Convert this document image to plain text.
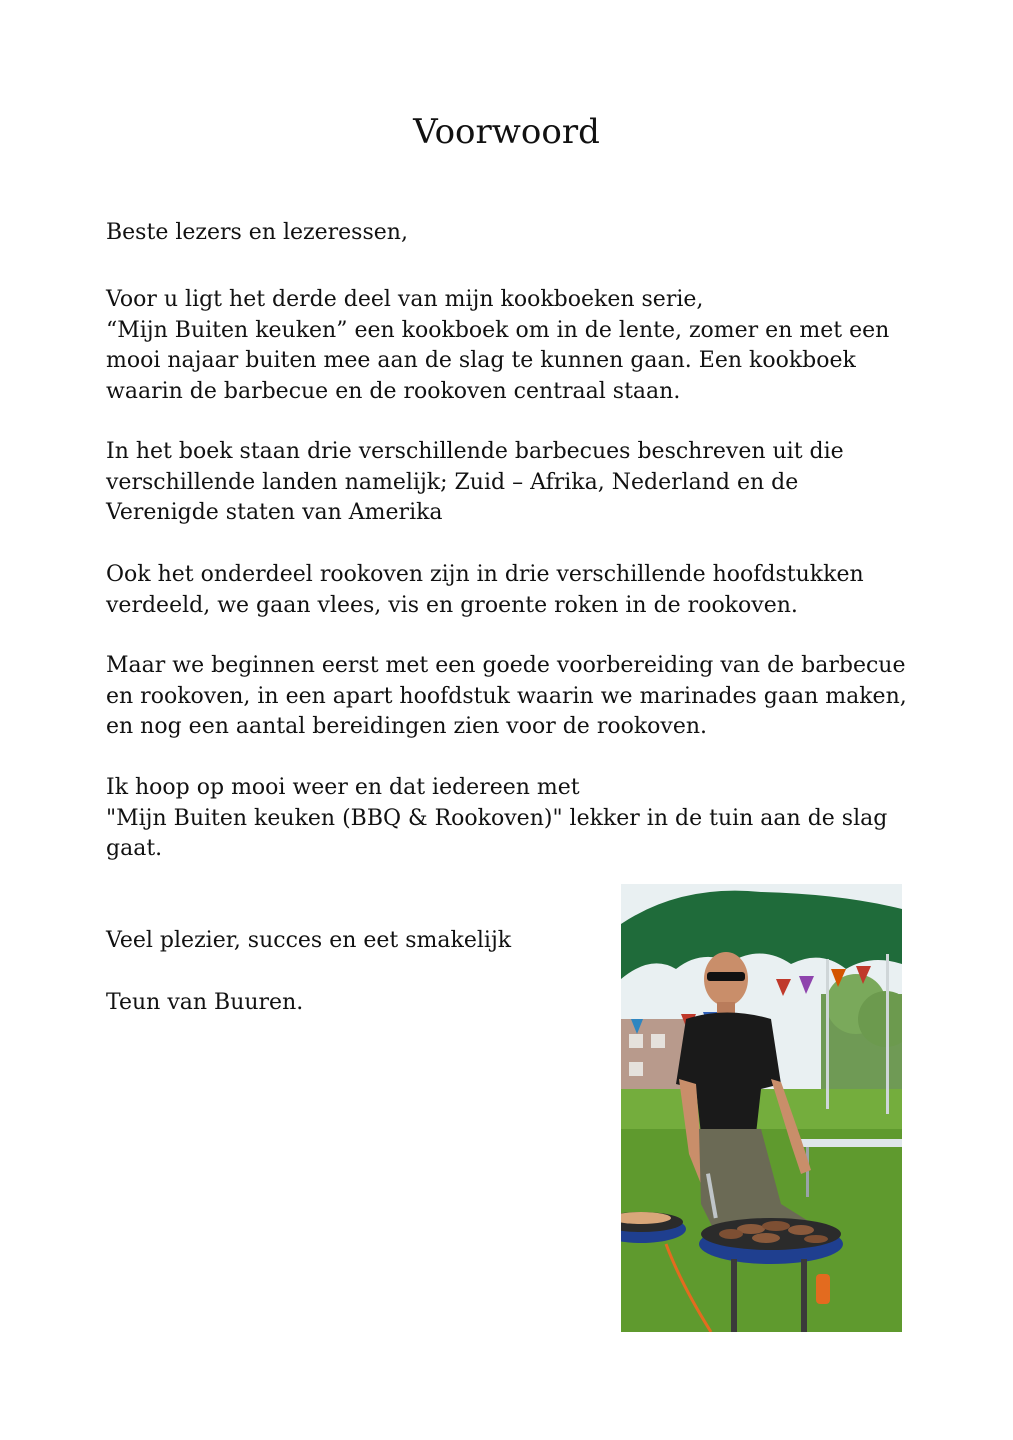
Voorwoord

Beste lezers en lezeressen,

Voor u ligt het derde deel van mijn kookboeken serie,
“Mijn Buiten keuken” een kookboek om in de lente, zomer en met een
mooi najaar buiten mee aan de slag te kunnen gaan. Een kookboek
waarin de barbecue en de rookoven centraal staan.
In het boek staan drie verschillende barbecues beschreven uit die
verschillende landen namelijk; Zuid – Afrika, Nederland en de
Verenigde staten van Amerika
Ook het onderdeel rookoven zijn in drie verschillende hoofdstukken
verdeeld, we gaan vlees, vis en groente roken in de rookoven.
Maar we beginnen eerst met een goede voorbereiding van de barbecue
en rookoven, in een apart hoofdstuk waarin we marinades gaan maken,
en nog een aantal bereidingen zien voor de rookoven.
Ik hoop op mooi weer en dat iedereen met
"Mijn Buiten keuken (BBQ & Rookoven)" lekker in de tuin aan de slag
gaat.

Veel plezier, succes en eet smakelijk

Teun van Buuren.
